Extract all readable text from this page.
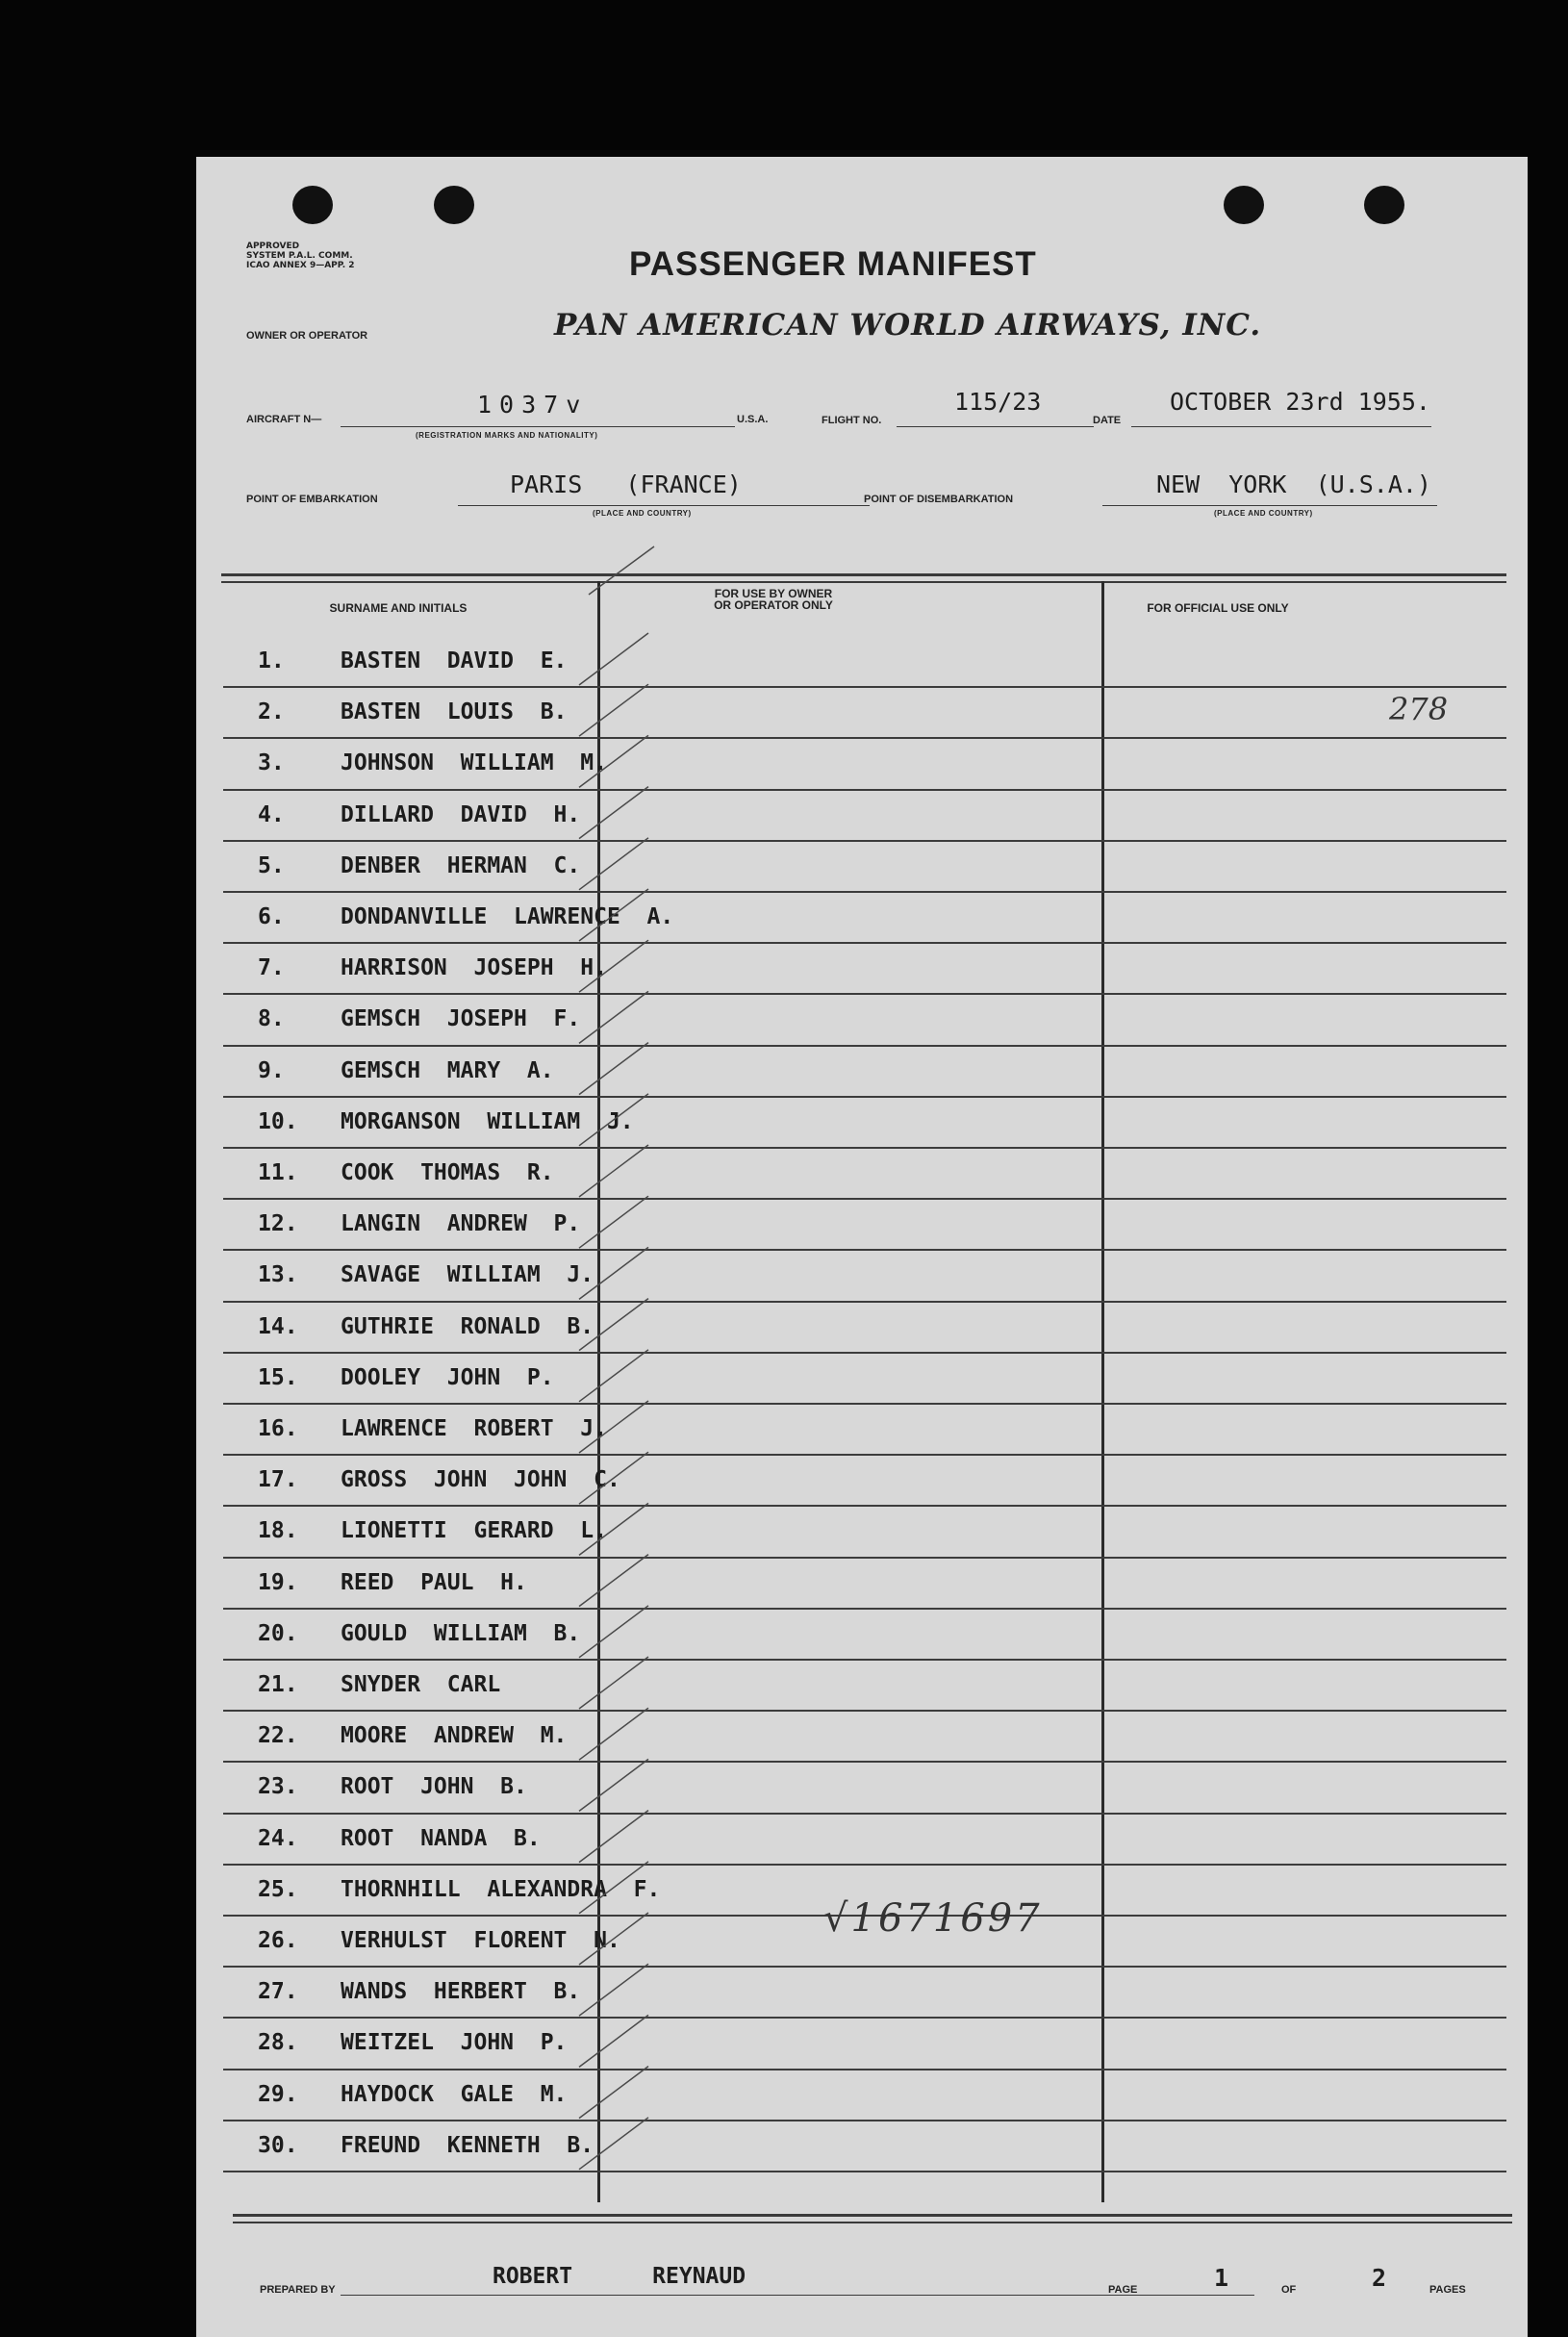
APPROVED
SYSTEM P.A.L. COMM.
ICAO ANNEX 9—APP. 2	PASSENGER MANIFEST
OWNER OR OPERATOR	PAN AMERICAN WORLD AIRWAYS, INC.
AIRCRAFT N—
1037v
(REGISTRATION MARKS AND NATIONALITY)
U.S.A.	FLIGHT NO.
115/23
DATE
OCTOBER 23rd 1955.
POINT OF EMBARKATION
PARIS   (FRANCE)
(PLACE AND COUNTRY)
POINT OF DISEMBARKATION
NEW  YORK  (U.S.A.)
(PLACE AND COUNTRY)
SURNAME AND INITIALS
FOR USE BY OWNER
OR OPERATOR ONLY	FOR OFFICIAL USE ONLY
1.	BASTEN  DAVID  E.
2.	BASTEN  LOUIS  B.
3.	JOHNSON  WILLIAM  M.
4.	DILLARD  DAVID  H.
5.	DENBER  HERMAN  C.
6.	DONDANVILLE  LAWRENCE  A.
7.	HARRISON  JOSEPH  H.
8.	GEMSCH  JOSEPH  F.
9.	GEMSCH  MARY  A.
10. MORGANSON  WILLIAM  J.
11. COOK  THOMAS  R.
12. LANGIN  ANDREW  P.
13. SAVAGE  WILLIAM  J.
14. GUTHRIE  RONALD  B.
15. DOOLEY  JOHN  P.
16. LAWRENCE  ROBERT  J.
17. GROSS  JOHN  JOHN  C.
18. LIONETTI  GERARD  L.
19. REED  PAUL  H.
20. GOULD  WILLIAM  B.
21. SNYDER  CARL
22. MOORE  ANDREW  M.
23. ROOT  JOHN  B.
24. ROOT  NANDA  B.
25. THORNHILL  ALEXANDRA  F.
26. VERHULST  FLORENT  N.
27. WANDS  HERBERT  B.
28. WEITZEL  JOHN  P.
29. HAYDOCK  GALE  M.
30. FREUND  KENNETH  B.
278
√1671697
PREPARED BY
ROBERT      REYNAUD
PAGE	1	OF	2	PAGES
